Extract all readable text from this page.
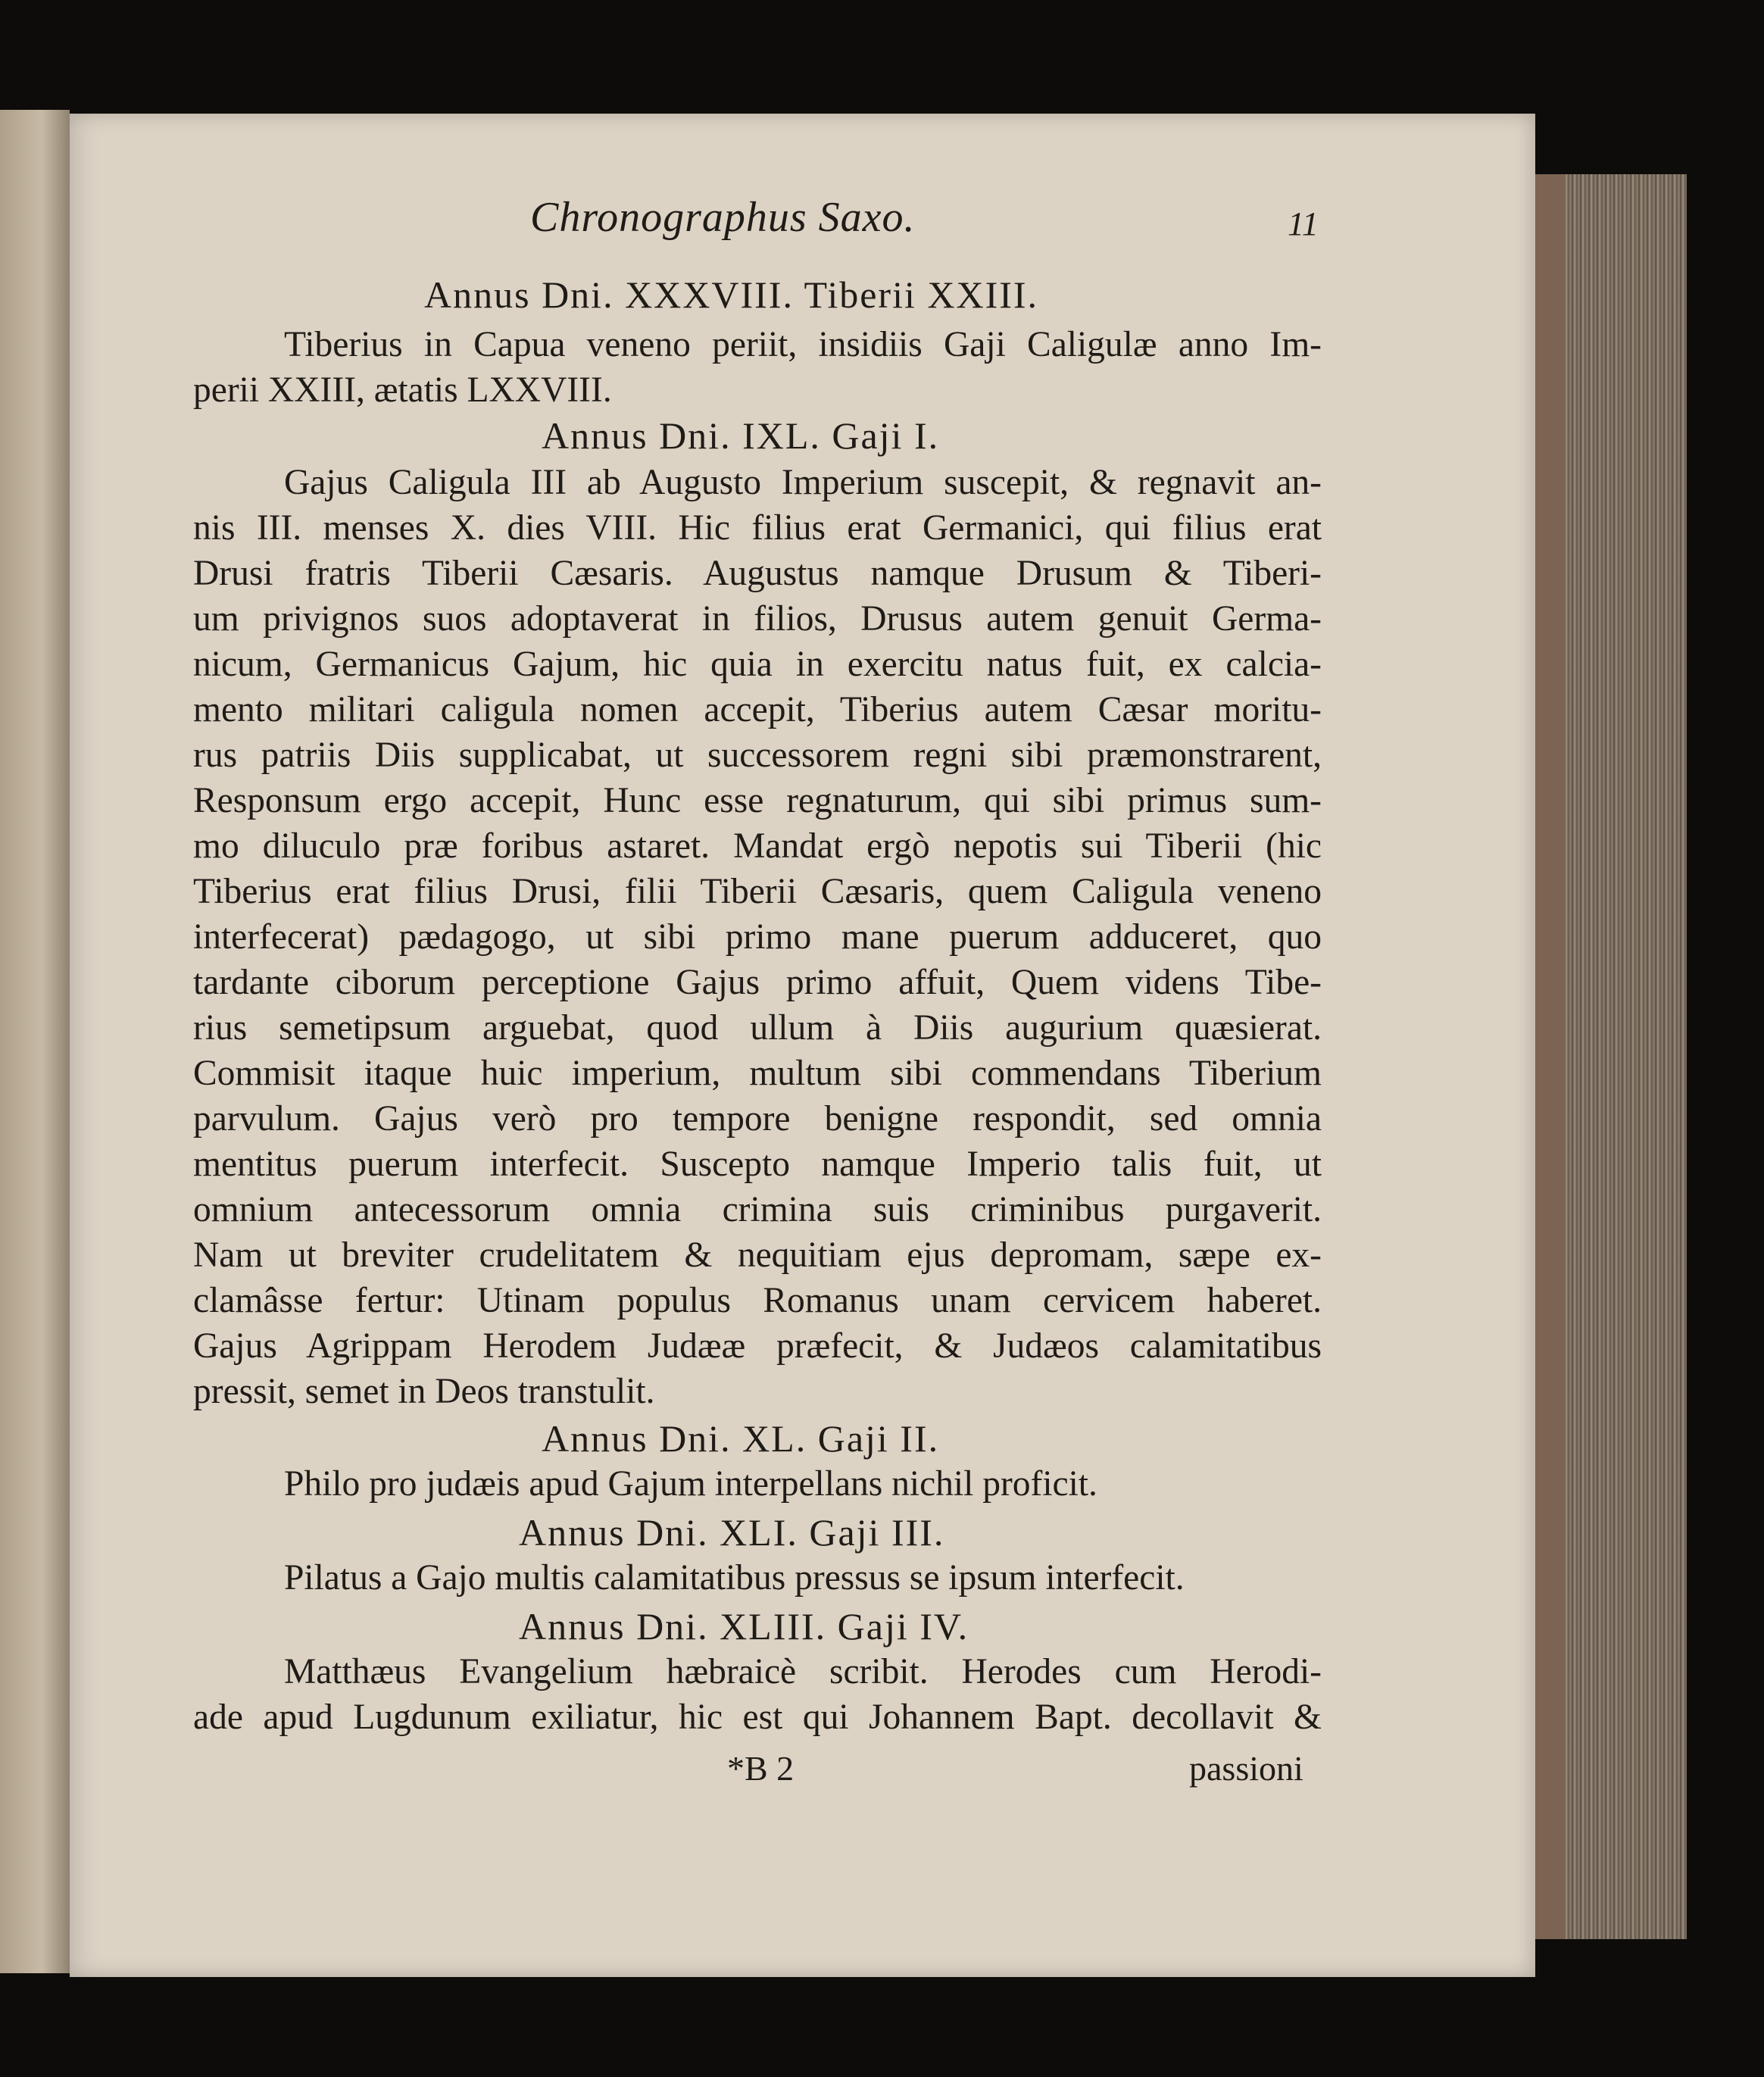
Chronographus Saxo.	11
Annus Dni. XXXVIII. Tiberii XXIII.
Tiberius in Capua veneno periit, insidiis Gaji Caligulæ anno Im-
perii XXIII, ætatis LXXVIII.
Annus Dni. IXL. Gaji I.
Gajus Caligula III ab Augusto Imperium suscepit, & regnavit an-
nis III. menses X. dies VIII. Hic filius erat Germanici, qui filius erat
Drusi fratris Tiberii Cæsaris. Augustus namque Drusum & Tiberi-
um privignos suos adoptaverat in filios, Drusus autem genuit Germa-
nicum, Germanicus Gajum, hic quia in exercitu natus fuit, ex calcia-
mento militari caligula nomen accepit, Tiberius autem Cæsar moritu-
rus patriis Diis supplicabat, ut successorem regni sibi præmonstrarent,
Responsum ergo accepit, Hunc esse regnaturum, qui sibi primus sum-
mo diluculo præ foribus astaret. Mandat ergò nepotis sui Tiberii (hic
Tiberius erat filius Drusi, filii Tiberii Cæsaris, quem Caligula veneno
interfecerat) pædagogo, ut sibi primo mane puerum adduceret, quo
tardante ciborum perceptione Gajus primo affuit, Quem videns Tibe-
rius semetipsum arguebat, quod ullum à Diis augurium quæsierat.
Commisit itaque huic imperium, multum sibi commendans Tiberium
parvulum. Gajus verò pro tempore benigne respondit, sed omnia
mentitus puerum interfecit. Suscepto namque Imperio talis fuit, ut
omnium antecessorum omnia crimina suis criminibus purgaverit.
Nam ut breviter crudelitatem & nequitiam ejus depromam, sæpe ex-
clamâsse fertur: Utinam populus Romanus unam cervicem haberet.
Gajus Agrippam Herodem Judææ præfecit, & Judæos calamitatibus
pressit, semet in Deos transtulit.
Annus Dni. XL. Gaji II.
Philo pro judæis apud Gajum interpellans nichil proficit.
Annus Dni. XLI. Gaji III.
Pilatus a Gajo multis calamitatibus pressus se ipsum interfecit.
Annus Dni. XLIII. Gaji IV.
Matthæus Evangelium hæbraicè scribit. Herodes cum Herodi-
ade apud Lugdunum exiliatur, hic est qui Johannem Bapt. decollavit &
*B 2	passioni
